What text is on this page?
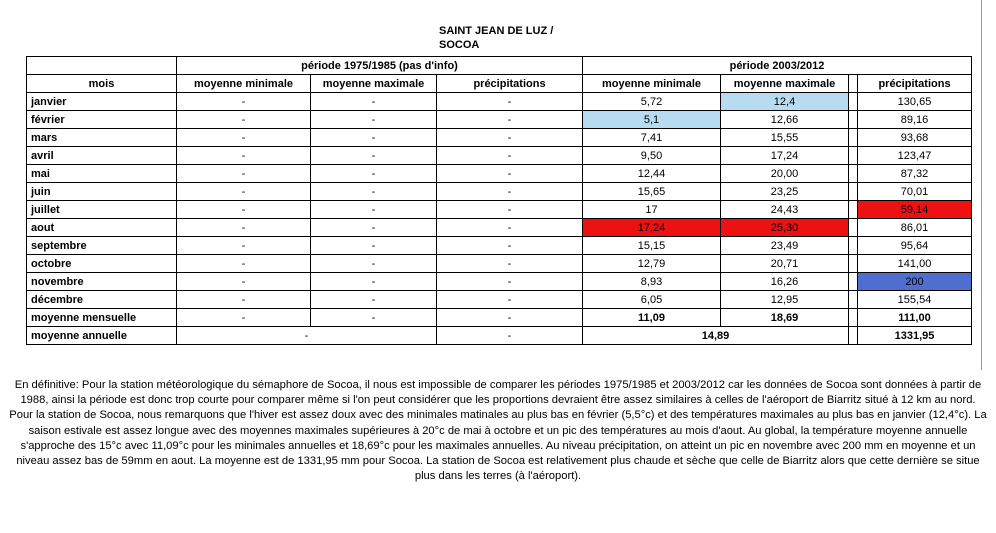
SAINT JEAN DE LUZ /
SOCOA
	période 1975/1985 (pas d'info)			période 2003/2012			
mois	moyenne minimale	moyenne maximale	précipitations	moyenne minimale	moyenne maximale		précipitations
janvier	-	-	-	5,72	12,4		130,65
février	-	-	-	5,1	12,66		89,16
mars	-	-	-	7,41	15,55		93,68
avril	-	-	-	9,50	17,24		123,47
mai	-	-	-	12,44	20,00		87,32
juin	-	-	-	15,65	23,25		70,01
juillet	-	-	-	17	24,43		59,14
aout	-	-	-	17,24	25,30		86,01
septembre	-	-	-	15,15	23,49		95,64
octobre	-	-	-	12,79	20,71		141,00
novembre	-	-	-	8,93	16,26		200
décembre	-	-	-	6,05	12,95		155,54
moyenne mensuelle	-	-	-	11,09	18,69		111,00
moyenne annuelle	-		-	14,89			1331,95
En définitive: Pour la station météorologique du sémaphore de Socoa, il nous est impossible de comparer les périodes 1975/1985 et 2003/2012 car les données de Socoa sont données à partir de 1988, ainsi la période est donc trop courte pour comparer même si l'on peut considérer que les proportions devraient être assez similaires à celles de l'aéroport de Biarritz situé à 12 km au nord. Pour la station de Socoa, nous remarquons que l'hiver est assez doux avec des minimales matinales au plus bas en février (5,5°c) et des températures maximales au plus bas en janvier (12,4°c). La saison estivale est assez longue avec des moyennes maximales supérieures à 20°c de mai à octobre et un pic des températures au mois d'aout. Au global, la température moyenne annuelle s'approche des 15°c avec 11,09°c pour les minimales annuelles et 18,69°c pour les maximales annuelles. Au niveau précipitation, on atteint un pic en novembre avec 200 mm en moyenne et un niveau assez bas de 59mm en aout. La moyenne est de 1331,95 mm pour Socoa. La station de Socoa est relativement plus chaude et sèche que celle de Biarritz alors que cette dernière se situe plus dans les terres (à l'aéroport).
